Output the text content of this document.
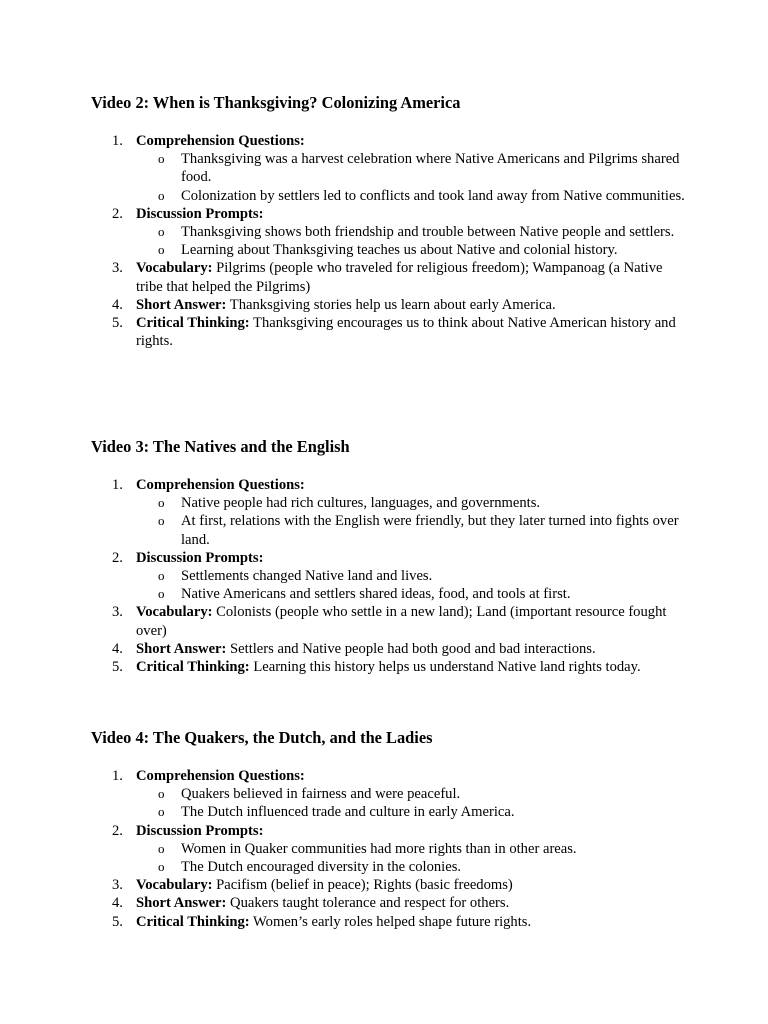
Video 2: When is Thanksgiving? Colonizing America
1. Comprehension Questions:
o Thanksgiving was a harvest celebration where Native Americans and Pilgrims shared food.
o Colonization by settlers led to conflicts and took land away from Native communities.
2. Discussion Prompts:
o Thanksgiving shows both friendship and trouble between Native people and settlers.
o Learning about Thanksgiving teaches us about Native and colonial history.
3. Vocabulary: Pilgrims (people who traveled for religious freedom); Wampanoag (a Native tribe that helped the Pilgrims)
4. Short Answer: Thanksgiving stories help us learn about early America.
5. Critical Thinking: Thanksgiving encourages us to think about Native American history and rights.
Video 3: The Natives and the English
1. Comprehension Questions:
o Native people had rich cultures, languages, and governments.
o At first, relations with the English were friendly, but they later turned into fights over land.
2. Discussion Prompts:
o Settlements changed Native land and lives.
o Native Americans and settlers shared ideas, food, and tools at first.
3. Vocabulary: Colonists (people who settle in a new land); Land (important resource fought over)
4. Short Answer: Settlers and Native people had both good and bad interactions.
5. Critical Thinking: Learning this history helps us understand Native land rights today.
Video 4: The Quakers, the Dutch, and the Ladies
1. Comprehension Questions:
o Quakers believed in fairness and were peaceful.
o The Dutch influenced trade and culture in early America.
2. Discussion Prompts:
o Women in Quaker communities had more rights than in other areas.
o The Dutch encouraged diversity in the colonies.
3. Vocabulary: Pacifism (belief in peace); Rights (basic freedoms)
4. Short Answer: Quakers taught tolerance and respect for others.
5. Critical Thinking: Women’s early roles helped shape future rights.
